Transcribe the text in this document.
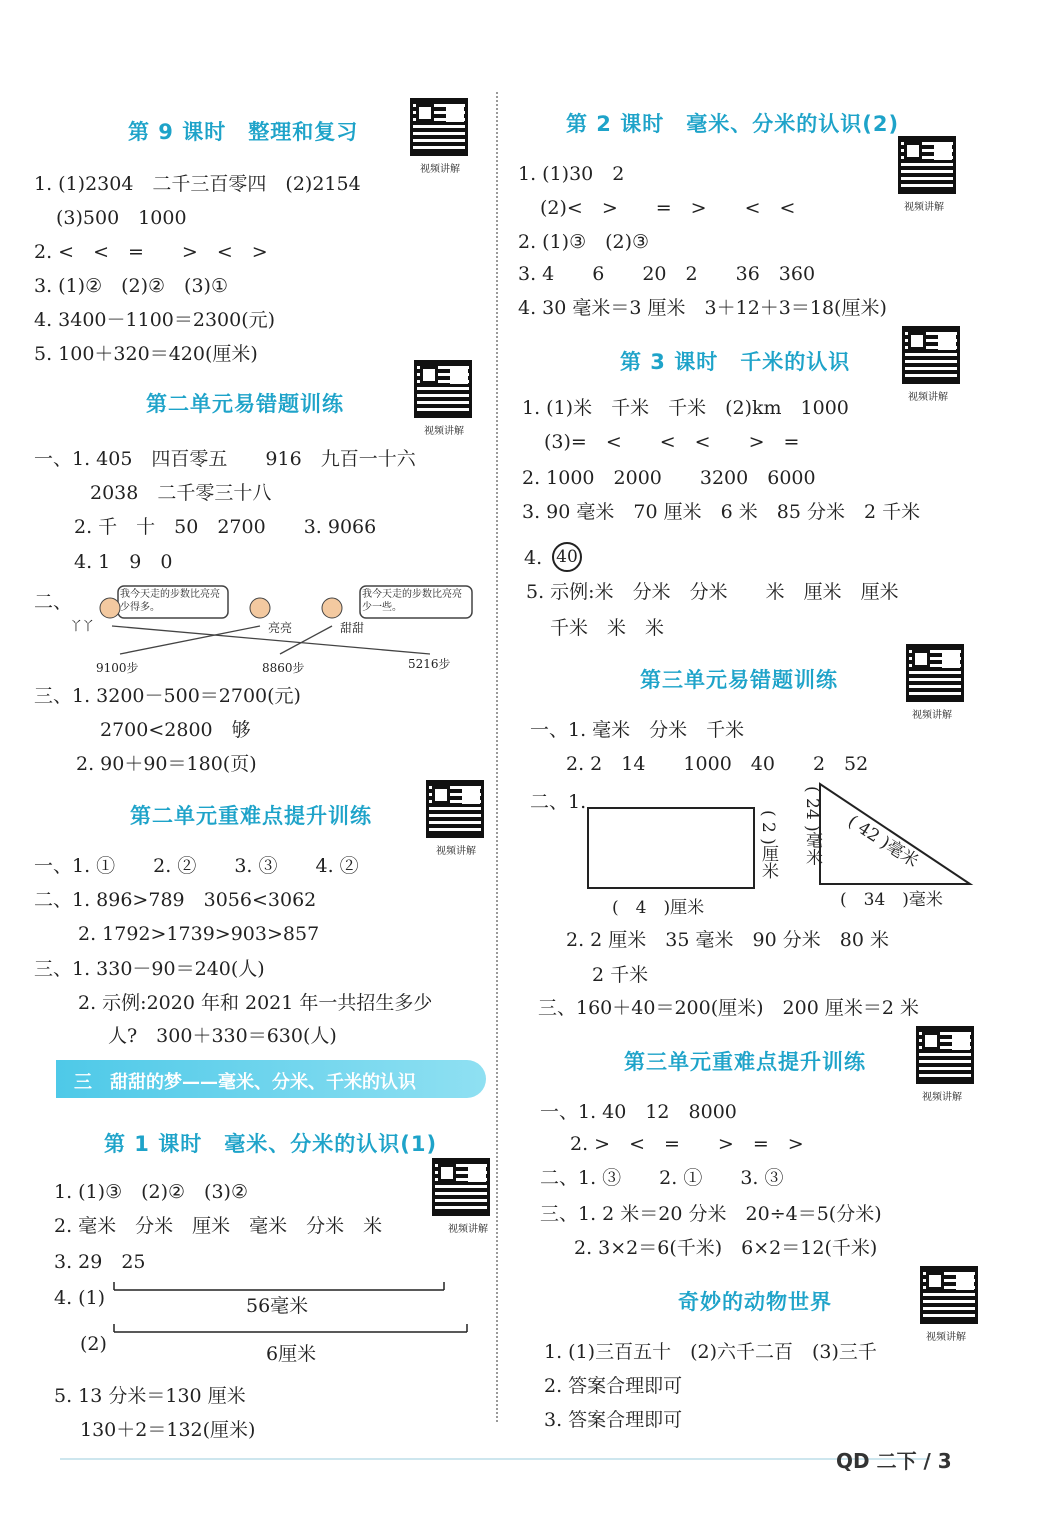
第 9 课时　整理和复习
视频讲解
1. (1)2304　二千三百零四　(2)2154
(3)500　1000
2. <　<　=　　>　<　>
3. (1)②　(2)②　(3)①
4. 3400－1100＝2300(元)
5. 100＋320＝420(厘米)
第二单元易错题训练
视频讲解
一、1. 405　四百零五　　916　九百一十六
2038　二千零三十八
2. 千　十　50　2700　　3. 9066
4. 1　9　0
二、	我今天走的步数比亮亮少得多。
我今天走的步数比亮亮少一些。
丫丫	亮亮	甜甜
9100步	8860步	5216步
三、1. 3200－500＝2700(元)
2700<2800　够
2. 90＋90＝180(页)
第二单元重难点提升训练
视频讲解
一、1. ①　　2. ②　　3. ③　　4. ②
二、1. 896>789　3056<3062
2. 1792>1739>903>857
三、1. 330－90＝240(人)
2. 示例:2020 年和 2021 年一共招生多少
人?　300＋330＝630(人)
三　甜甜的梦——毫米、分米、千米的认识
第 1 课时　毫米、分米的认识(1)
视频讲解
1. (1)③　(2)②　(3)②
2. 毫米　分米　厘米　毫米　分米　米
3. 29　25
4. (1)	56毫米
(2)	6厘米
5. 13 分米＝130 厘米
130＋2＝132(厘米)
第 2 课时　毫米、分米的认识(2)
视频讲解
1. (1)30　2
(2)<　>　　=　>　　<　<
2. (1)③　(2)③
3. 4　　6　　20　2　　36　360
4. 30 毫米＝3 厘米　3＋12＋3＝18(厘米)
第 3 课时　千米的认识
视频讲解
1. (1)米　千米　千米　(2)km　1000
(3)=　<　　<　<　　>　=
2. 1000　2000　　3200　6000
3. 90 毫米　70 厘米　6 米　85 分米　2 千米
4. 40
5. 示例:米　分米　分米　　米　厘米　厘米
千米　米　米
第三单元易错题训练
视频讲解
一、1. 毫米　分米　千米
2. 2　14　　1000　40　　2　52
二、1.
( 2 )厘米
(　4　)厘米
( 24 )毫米 ( 42 )毫米
(　34　)毫米
2. 2 厘米　35 毫米　90 分米　80 米
2 千米
三、160＋40＝200(厘米)　200 厘米＝2 米
第三单元重难点提升训练
视频讲解
一、1. 40　12　8000
2. >　<　=　　>　=　>
二、1. ③　　2. ①　　3. ③
三、1. 2 米＝20 分米　20÷4＝5(分米)
2. 3×2＝6(千米)　6×2＝12(千米)
奇妙的动物世界
视频讲解
1. (1)三百五十　(2)六千二百　(3)三千
2. 答案合理即可
3. 答案合理即可
QD 二下 / 3
